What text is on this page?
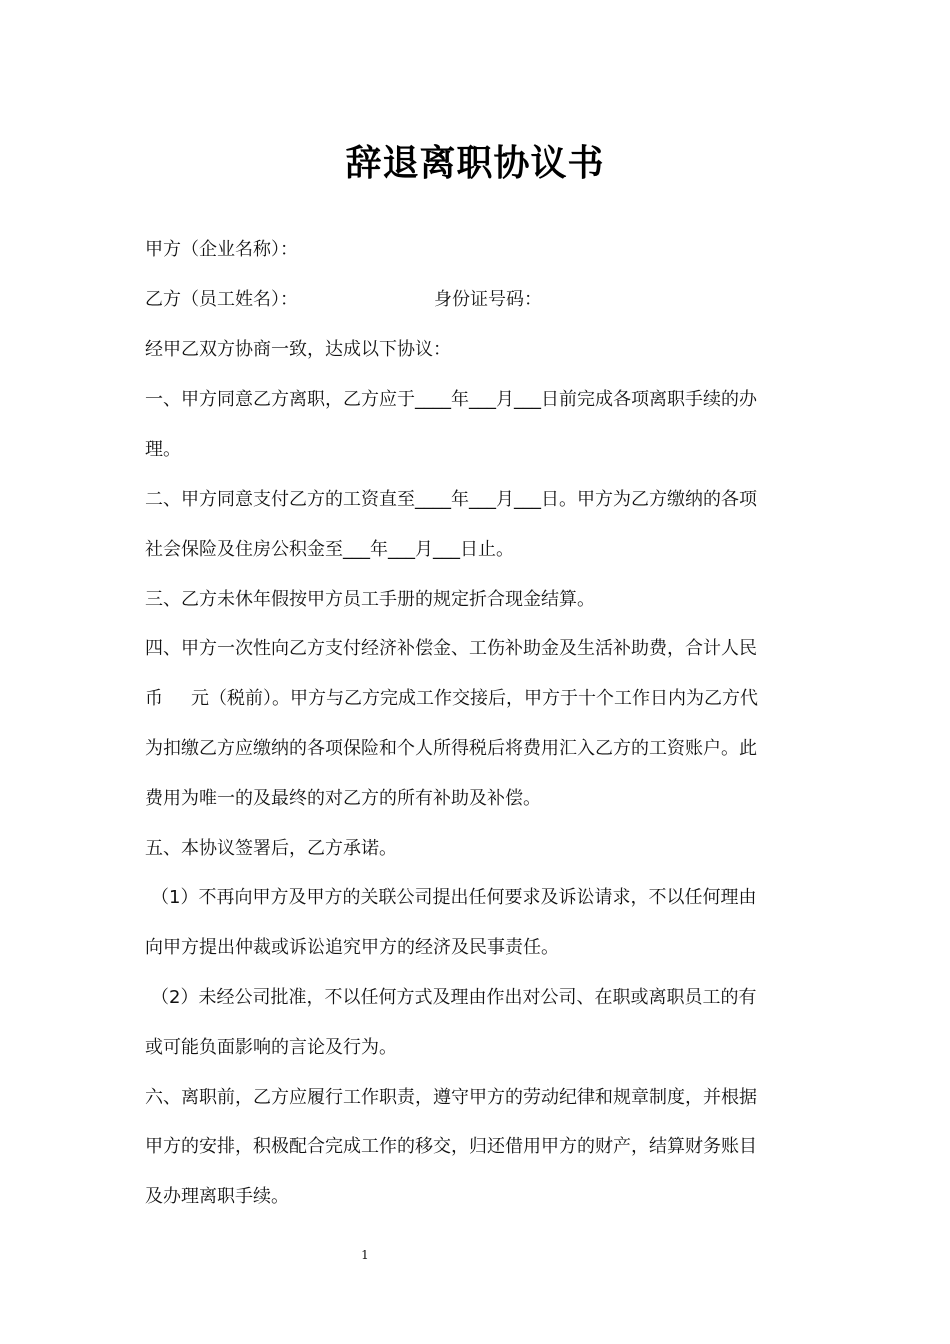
辞退离职协议书
甲方（企业名称）：
乙方（员工姓名）：	身份证号码：
经甲乙双方协商一致，达成以下协议：
一、甲方同意乙方离职，乙方应于____年___月___日前完成各项离职手续的办
理。
二、甲方同意支付乙方的工资直至____年___月___日。甲方为乙方缴纳的各项
社会保险及住房公积金至___年___月___日止。
三、乙方未休年假按甲方员工手册的规定折合现金结算。
四、甲方一次性向乙方支付经济补偿金、工伤补助金及生活补助费，合计人民
币 元（税前）。甲方与乙方完成工作交接后，甲方于十个工作日内为乙方代
为扣缴乙方应缴纳的各项保险和个人所得税后将费用汇入乙方的工资账户。此
费用为唯一的及最终的对乙方的所有补助及补偿。
五、本协议签署后，乙方承诺。
（1）不再向甲方及甲方的关联公司提出任何要求及诉讼请求，不以任何理由
向甲方提出仲裁或诉讼追究甲方的经济及民事责任。
（2）未经公司批准，不以任何方式及理由作出对公司、在职或离职员工的有
或可能负面影响的言论及行为。
六、离职前，乙方应履行工作职责，遵守甲方的劳动纪律和规章制度，并根据
甲方的安排，积极配合完成工作的移交，归还借用甲方的财产，结算财务账目
及办理离职手续。
1
